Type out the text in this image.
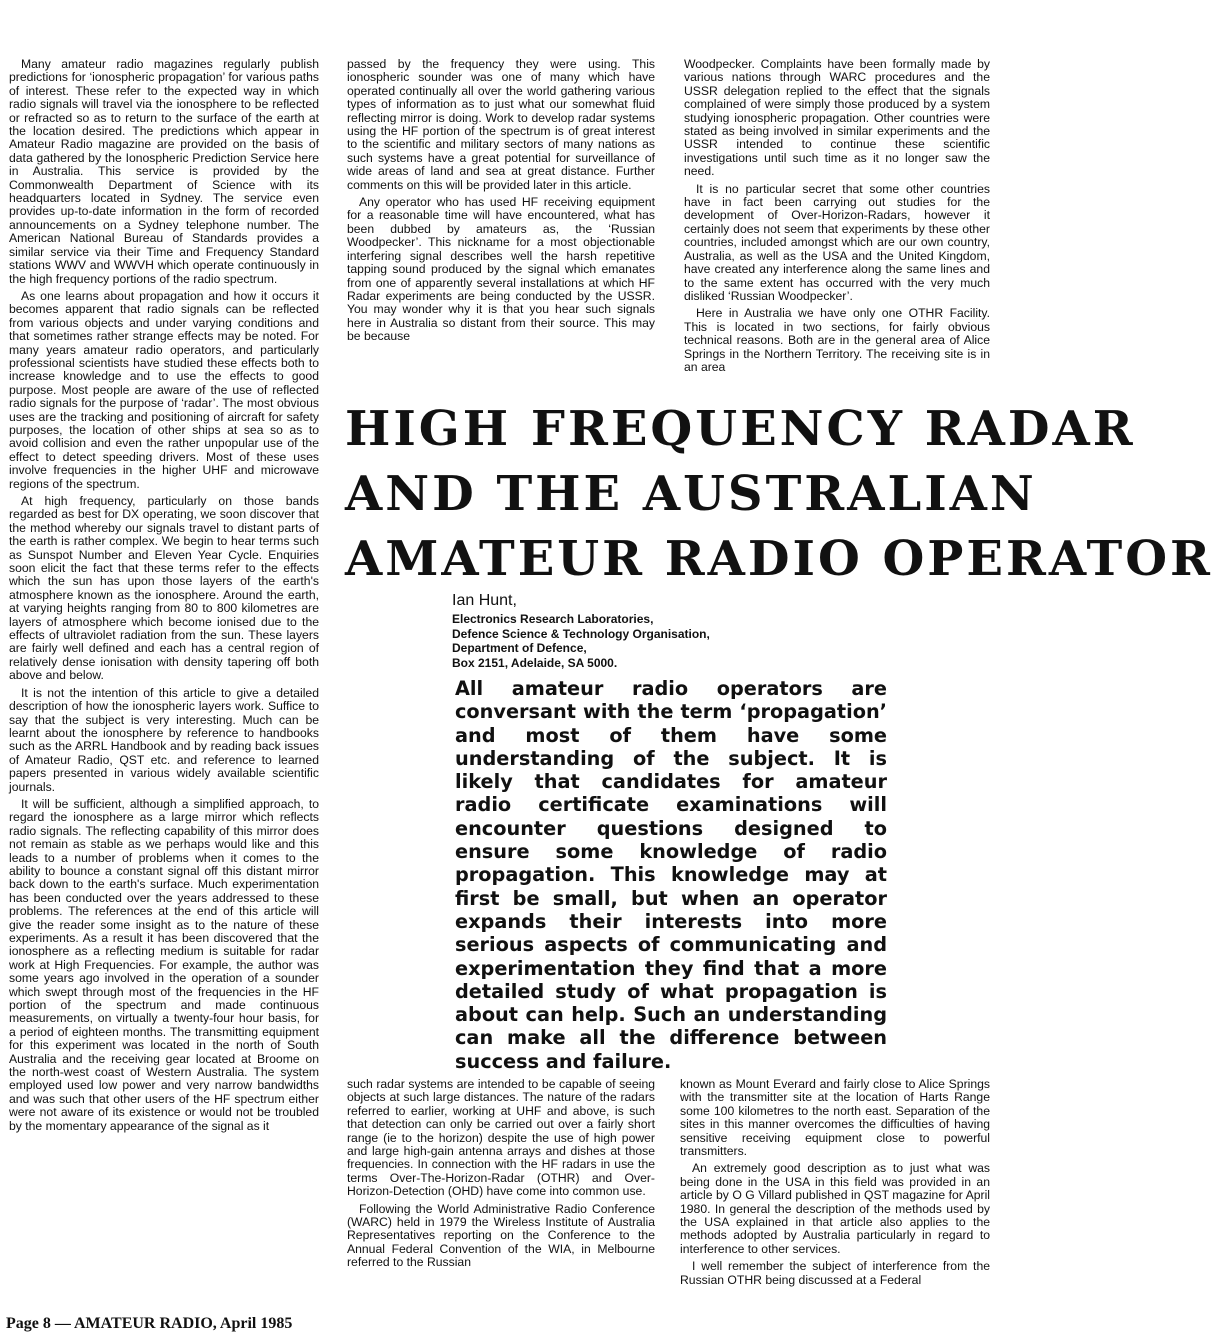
Many amateur radio magazines regularly publish predictions for ‘ionospheric propagation’ for various paths of interest. These refer to the expected way in which radio signals will travel via the ionosphere to be reflected or refracted so as to return to the surface of the earth at the location desired. The predictions which appear in Amateur Radio magazine are provided on the basis of data gathered by the Ionospheric Prediction Service here in Australia. This service is provided by the Commonwealth Department of Science with its headquarters located in Sydney. The service even provides up-to-date information in the form of recorded announcements on a Sydney telephone number. The American National Bureau of Standards provides a similar service via their Time and Frequency Standard stations WWV and WWVH which operate continuously in the high frequency portions of the radio spectrum.

As one learns about propagation and how it occurs it becomes apparent that radio signals can be reflected from various objects and under varying conditions and that sometimes rather strange effects may be noted. For many years amateur radio operators, and particularly professional scientists have studied these effects both to increase knowledge and to use the effects to good purpose. Most people are aware of the use of reflected radio signals for the purpose of ‘radar’. The most obvious uses are the tracking and positioning of aircraft for safety purposes, the location of other ships at sea so as to avoid collision and even the rather unpopular use of the effect to detect speeding drivers. Most of these uses involve frequencies in the higher UHF and microwave regions of the spectrum.

At high frequency, particularly on those bands regarded as best for DX operating, we soon discover that the method whereby our signals travel to distant parts of the earth is rather complex. We begin to hear terms such as Sunspot Number and Eleven Year Cycle. Enquiries soon elicit the fact that these terms refer to the effects which the sun has upon those layers of the earth's atmosphere known as the ionosphere. Around the earth, at varying heights ranging from 80 to 800 kilometres are layers of atmosphere which become ionised due to the effects of ultraviolet radiation from the sun. These layers are fairly well defined and each has a central region of relatively dense ionisation with density tapering off both above and below.

It is not the intention of this article to give a detailed description of how the ionospheric layers work. Suffice to say that the subject is very interesting. Much can be learnt about the ionosphere by reference to handbooks such as the ARRL Handbook and by reading back issues of Amateur Radio, QST etc. and reference to learned papers presented in various widely available scientific journals.

It will be sufficient, although a simplified approach, to regard the ionosphere as a large mirror which reflects radio signals. The reflecting capability of this mirror does not remain as stable as we perhaps would like and this leads to a number of problems when it comes to the ability to bounce a constant signal off this distant mirror back down to the earth's surface. Much experimentation has been conducted over the years addressed to these problems. The references at the end of this article will give the reader some insight as to the nature of these experiments. As a result it has been discovered that the ionosphere as a reflecting medium is suitable for radar work at High Frequencies. For example, the author was some years ago involved in the operation of a sounder which swept through most of the frequencies in the HF portion of the spectrum and made continuous measurements, on virtually a twenty-four hour basis, for a period of eighteen months. The transmitting equipment for this experiment was located in the north of South Australia and the receiving gear located at Broome on the north-west coast of Western Australia. The system employed used low power and very narrow bandwidths and was such that other users of the HF spectrum either were not aware of its existence or would not be troubled by the momentary appearance of the signal as it

passed by the frequency they were using. This ionospheric sounder was one of many which have operated continually all over the world gathering various types of information as to just what our somewhat fluid reflecting mirror is doing. Work to develop radar systems using the HF portion of the spectrum is of great interest to the scientific and military sectors of many nations as such systems have a great potential for surveillance of wide areas of land and sea at great distance. Further comments on this will be provided later in this article.

Any operator who has used HF receiving equipment for a reasonable time will have encountered, what has been dubbed by amateurs as, the ‘Russian Woodpecker’. This nickname for a most objectionable interfering signal describes well the harsh repetitive tapping sound produced by the signal which emanates from one of apparently several installations at which HF Radar experiments are being conducted by the USSR. You may wonder why it is that you hear such signals here in Australia so distant from their source. This may be because

Woodpecker. Complaints have been formally made by various nations through WARC procedures and the USSR delegation replied to the effect that the signals complained of were simply those produced by a system studying ionospheric propagation. Other countries were stated as being involved in similar experiments and the USSR intended to continue these scientific investigations until such time as it no longer saw the need.

It is no particular secret that some other countries have in fact been carrying out studies for the development of Over-Horizon-Radars, however it certainly does not seem that experiments by these other countries, included amongst which are our own country, Australia, as well as the USA and the United Kingdom, have created any interference along the same lines and to the same extent has occurred with the very much disliked ‘Russian Woodpecker’.

Here in Australia we have only one OTHR Facility. This is located in two sections, for fairly obvious technical reasons. Both are in the general area of Alice Springs in the Northern Territory. The receiving site is in an area

HIGH FREQUENCY RADAR
AND THE AUSTRALIAN
AMATEUR RADIO OPERATOR
Ian Hunt,
Electronics Research Laboratories,
Defence Science & Technology Organisation,
Department of Defence,
Box 2151, Adelaide, SA 5000.

All amateur radio operators are conversant with the term ‘propagation’ and most of them have some understanding of the subject. It is likely that candidates for amateur radio certificate examinations will encounter questions designed to ensure some knowledge of radio propagation. This knowledge may at first be small, but when an operator expands their interests into more serious aspects of communicating and experimentation they find that a more detailed study of what propagation is about can help. Such an understanding can make all the difference between success and failure.

such radar systems are intended to be capable of seeing objects at such large distances. The nature of the radars referred to earlier, working at UHF and above, is such that detection can only be carried out over a fairly short range (ie to the horizon) despite the use of high power and large high-gain antenna arrays and dishes at those frequencies. In connection with the HF radars in use the terms Over-The-Horizon-Radar (OTHR) and Over-Horizon-Detection (OHD) have come into common use.

Following the World Administrative Radio Conference (WARC) held in 1979 the Wireless Institute of Australia Representatives reporting on the Conference to the Annual Federal Convention of the WIA, in Melbourne referred to the Russian

known as Mount Everard and fairly close to Alice Springs with the transmitter site at the location of Harts Range some 100 kilometres to the north east. Separation of the sites in this manner overcomes the difficulties of having sensitive receiving equipment close to powerful transmitters.

An extremely good description as to just what was being done in the USA in this field was provided in an article by O G Villard published in QST magazine for April 1980. In general the description of the methods used by the USA explained in that article also applies to the methods adopted by Australia particularly in regard to interference to other services.

I well remember the subject of interference from the Russian OTHR being discussed at a Federal

Page 8 — AMATEUR RADIO, April 1985
